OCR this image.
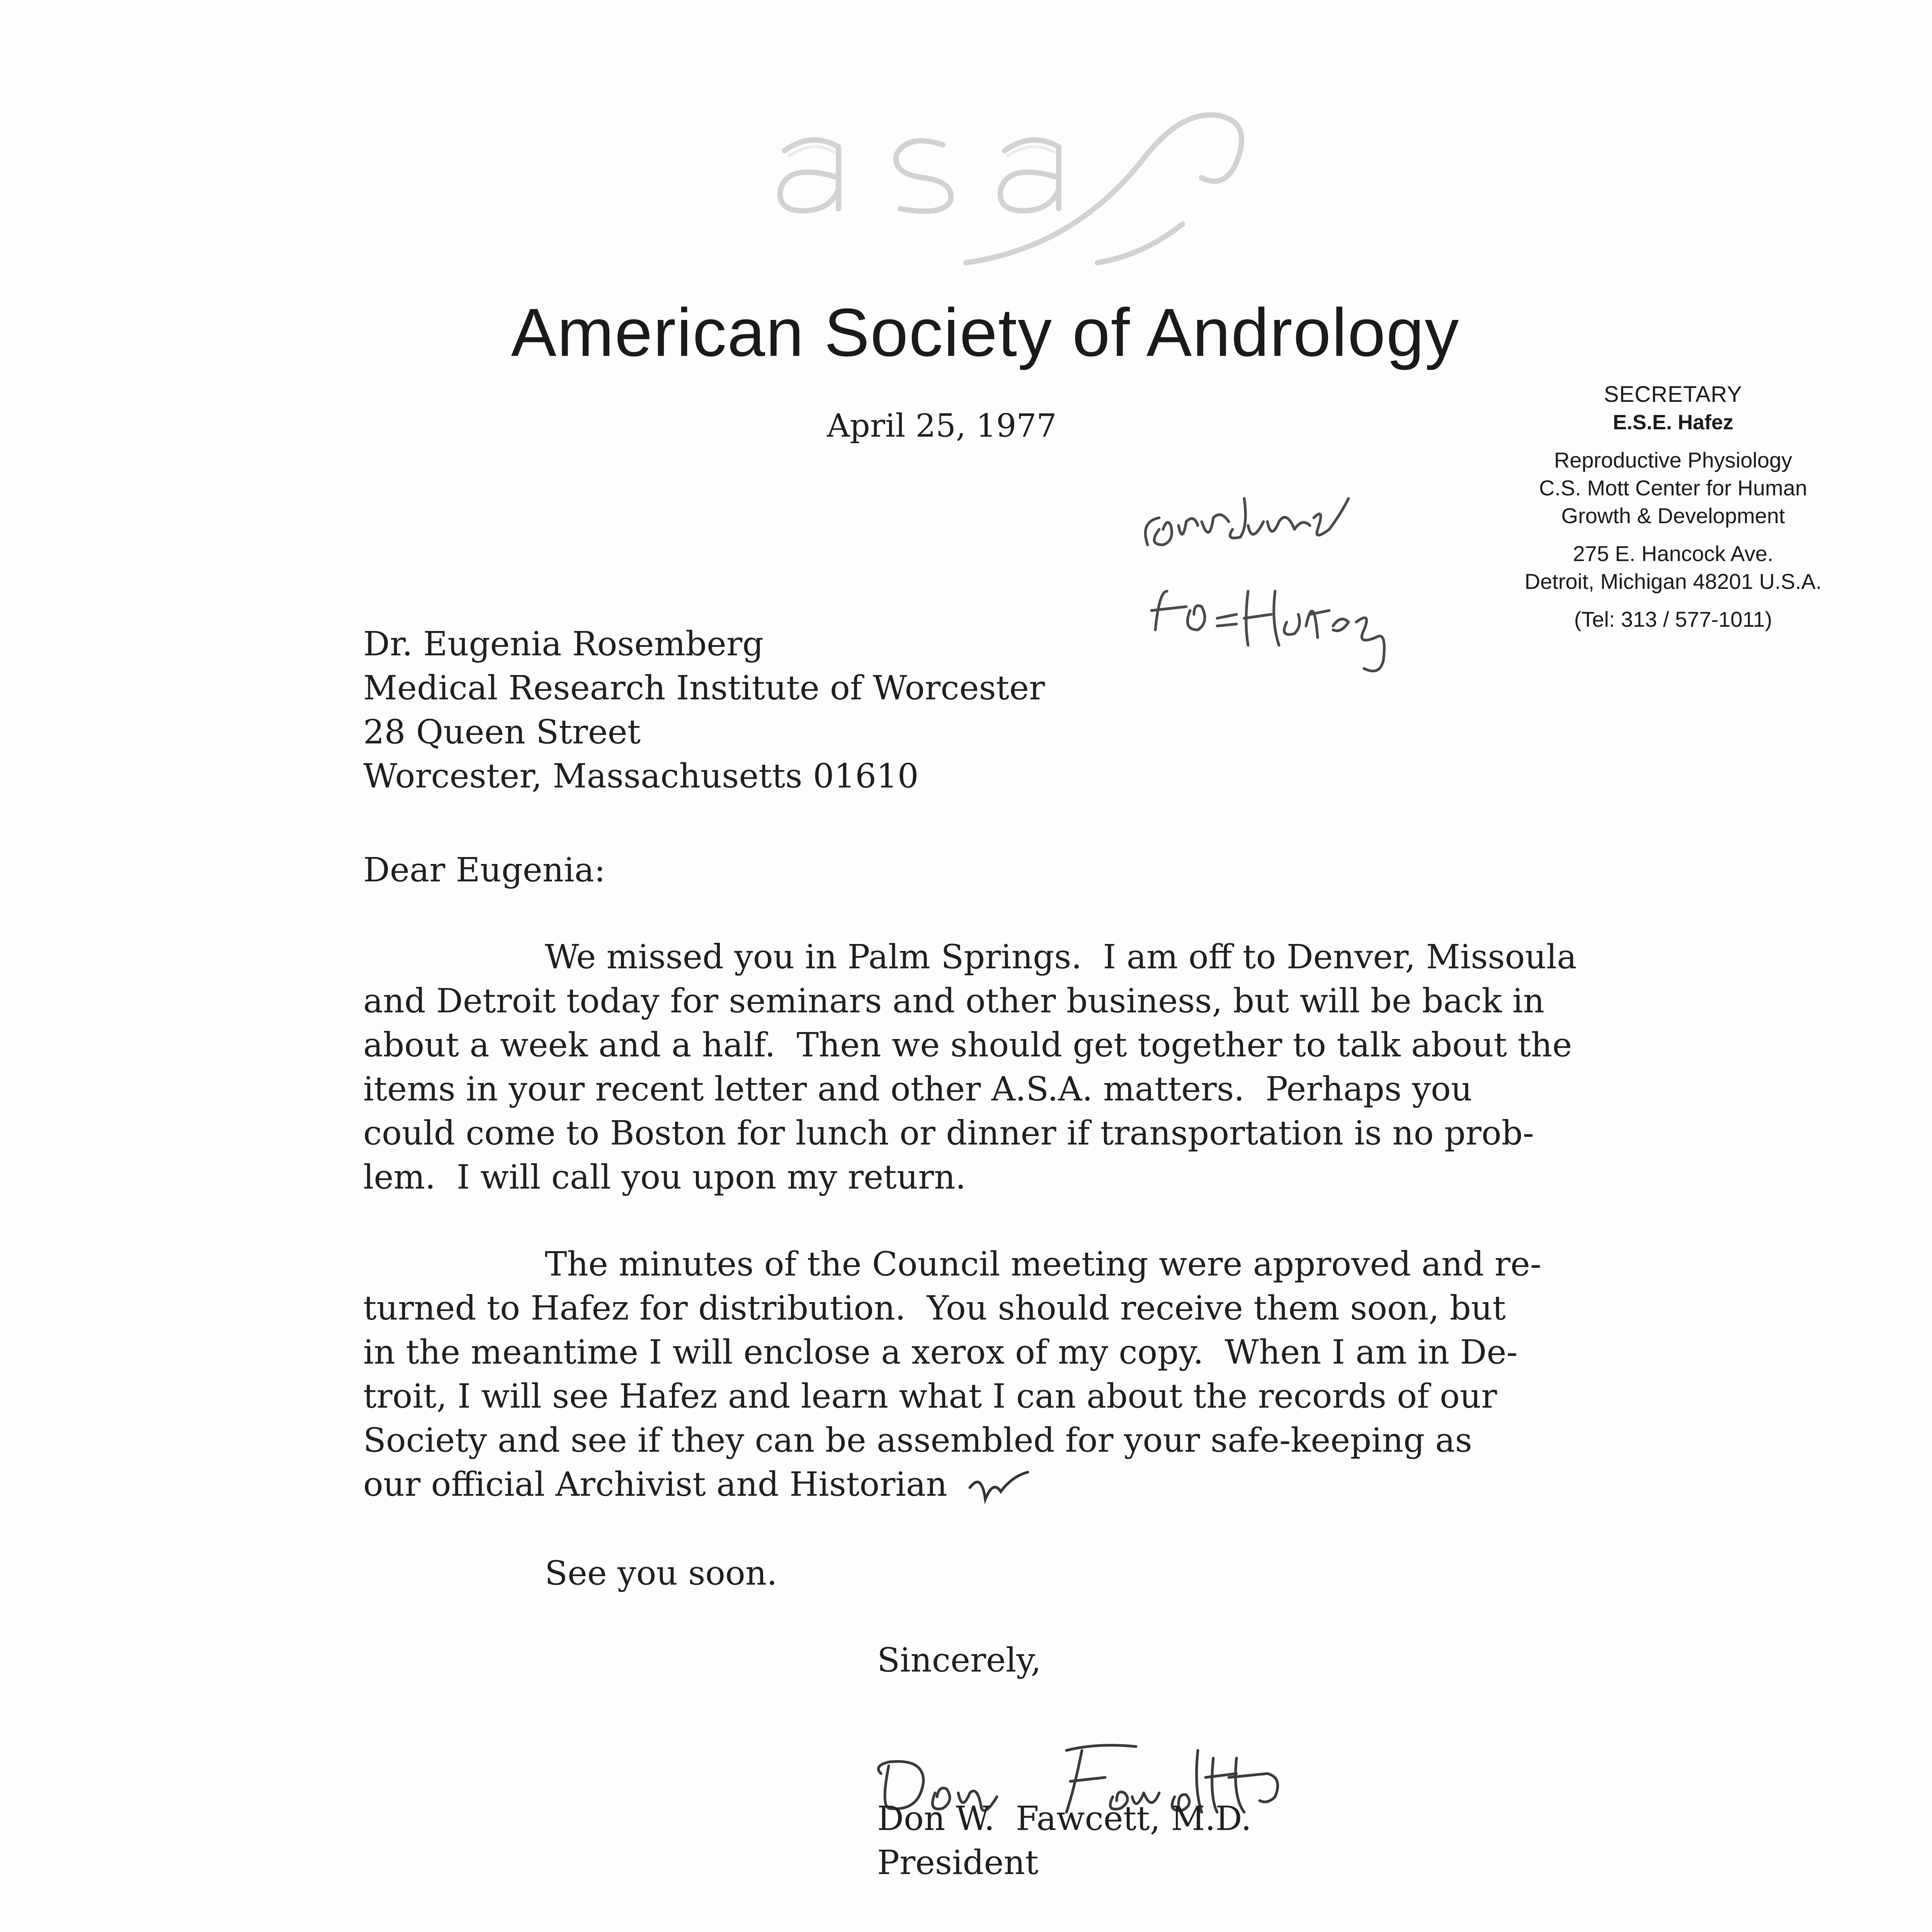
American Society of Andrology
SECRETARY
E.S.E. Hafez
Reproductive Physiology
C.S. Mott Center for Human
Growth & Development
275 E. Hancock Ave.
Detroit, Michigan 48201 U.S.A.
(Tel: 313 / 577-1011)
April 25, 1977
Dr. Eugenia Rosemberg
Medical Research Institute of Worcester
28 Queen Street
Worcester, Massachusetts 01610
Dear Eugenia:
We missed you in Palm Springs.  I am off to Denver, Missoula
and Detroit today for seminars and other business, but will be back in
about a week and a half.  Then we should get together to talk about the
items in your recent letter and other A.S.A. matters.  Perhaps you
could come to Boston for lunch or dinner if transportation is no prob-
lem.  I will call you upon my return.
The minutes of the Council meeting were approved and re-
turned to Hafez for distribution.  You should receive them soon, but
in the meantime I will enclose a xerox of my copy.  When I am in De-
troit, I will see Hafez and learn what I can about the records of our
Society and see if they can be assembled for your safe-keeping as
our official Archivist and Historian
See you soon.
Sincerely,
Don W.  Fawcett, M.D.
President
